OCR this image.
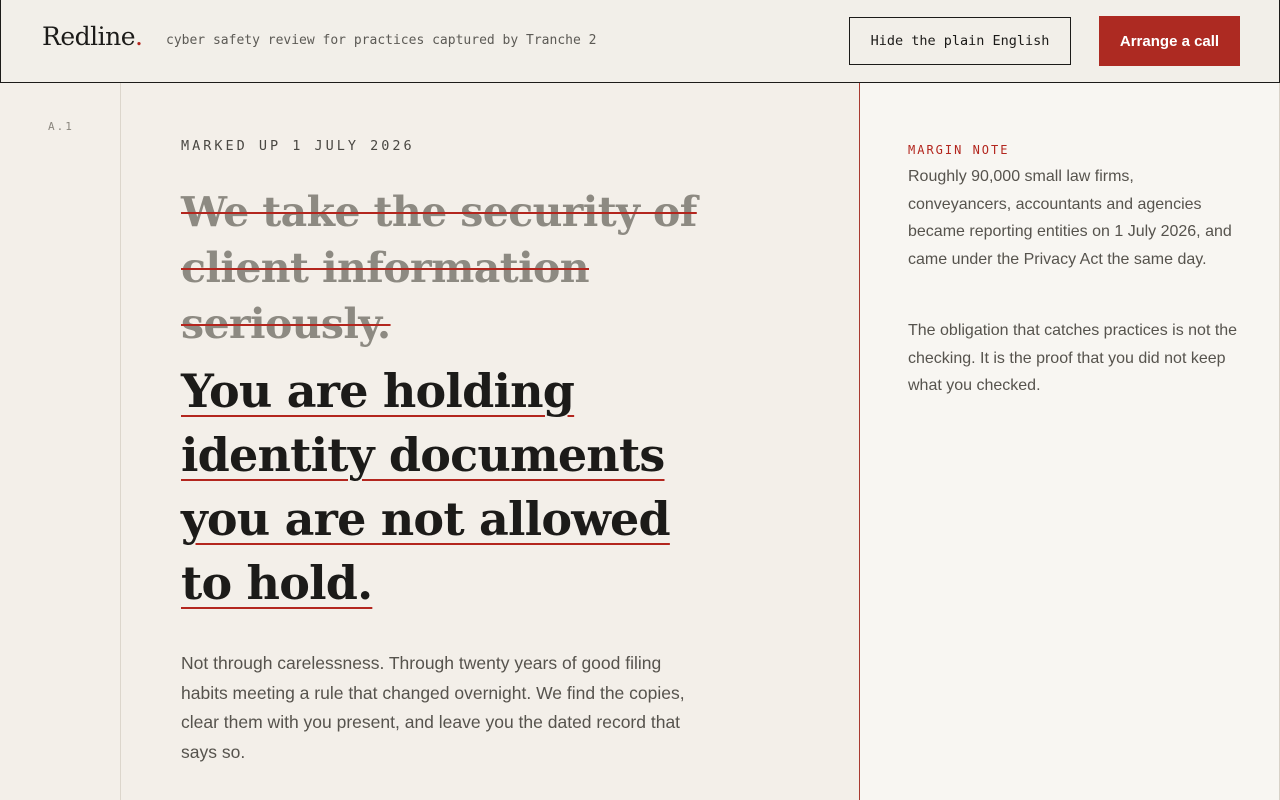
Redline. cyber safety review for practices captured by Tranche 2	Hide the plain English	Arrange a call
A.1
MARKED UP 1 JULY 2026
We take the security of client information seriously.
You are holding identity documents you are not allowed to hold.

Not through carelessness. Through twenty years of good filing habits meeting a rule that changed overnight. We find the copies, clear them with you present, and leave you the dated record that says so.

MARGIN NOTE

Roughly 90,000 small law firms, conveyancers, accountants and agencies became reporting entities on 1 July 2026, and came under the Privacy Act the same day.

The obligation that catches practices is not the checking. It is the proof that you did not keep what you checked.
